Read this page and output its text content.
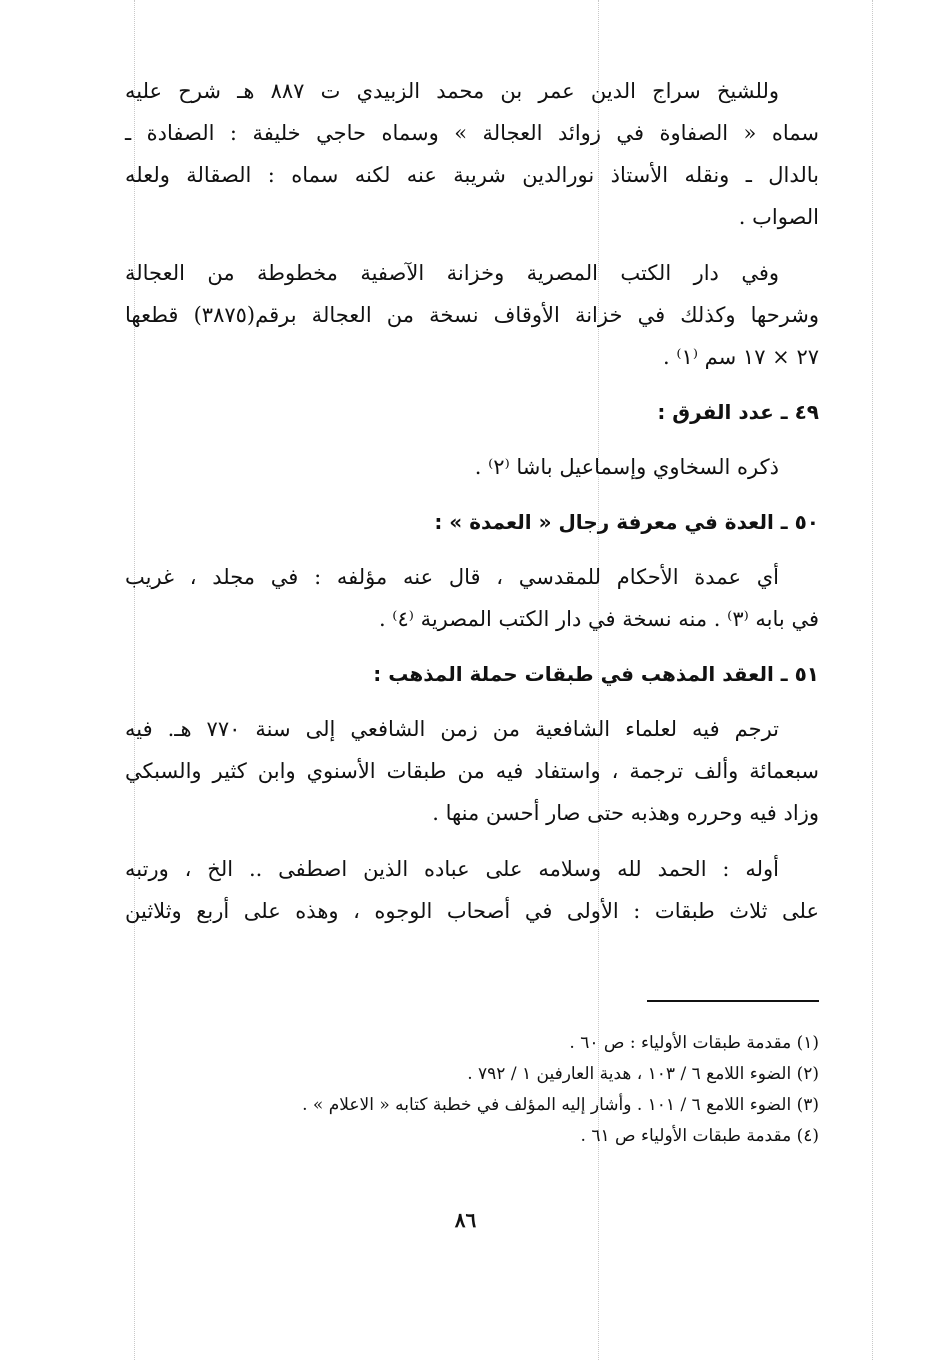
وللشيخ سراج الدين عمر بن محمد الزبيدي ت ٨٨٧ هـ شرح عليه
سماه « الصفاوة في زوائد العجالة » وسماه حاجي خليفة : الصفادة ـ
بالدال ـ ونقله الأستاذ نورالدين شريبة عنه لكنه سماه : الصقالة ولعله
الصواب .
وفي دار الكتب المصرية وخزانة الآصفية مخطوطة من العجالة
وشرحها وكذلك في خزانة الأوقاف نسخة من العجالة برقم(٣٨٧٥) قطعها
٢٧ × ١٧ سم ⁽١⁾ .
٤٩ ـ عدد الفرق :
ذكره السخاوي وإسماعيل باشا ⁽٢⁾ .
٥٠ ـ العدة في معرفة رجال « العمدة » :
أي عمدة الأحكام للمقدسي ، قال عنه مؤلفه : في مجلد ، غريب
في بابه ⁽٣⁾ . منه نسخة في دار الكتب المصرية ⁽٤⁾ .
٥١ ـ العقد المذهب في طبقات حملة المذهب :
ترجم فيه لعلماء الشافعية من زمن الشافعي إلى سنة ٧٧٠ هـ. فيه
سبعمائة وألف ترجمة ، واستفاد فيه من طبقات الأسنوي وابن كثير والسبكي
وزاد فيه وحرره وهذبه حتى صار أحسن منها .
أوله : الحمد لله وسلامه على عباده الذين اصطفى .. الخ ، ورتبه
على ثلاث طبقات : الأولى في أصحاب الوجوه ، وهذه على أربع وثلاثين
(١) مقدمة طبقات الأولياء : ص ٦٠ .
(٢) الضوء اللامع ٦ / ١٠٣ ، هدية العارفين ١ / ٧٩٢ .
(٣) الضوء اللامع ٦ / ١٠١ . وأشار إليه المؤلف في خطبة كتابه « الاعلام » .
(٤) مقدمة طبقات الأولياء ص ٦١ .
٨٦
